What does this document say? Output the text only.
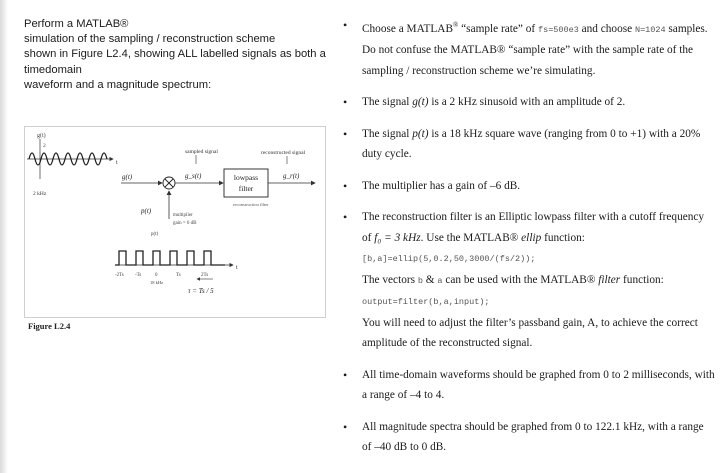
Perform a MATLAB®
simulation of the sampling / reconstruction scheme
shown in Figure L2.4, showing ALL labelled signals as both a
timedomain
waveform and a magnitude spectrum:
g(t)
2
t
2 kHz
g(t)
sampled signal
g_s(t)	lowpass
filter
reconstructed signal
g_r(t)
reconstruction filter
p(t)
multiplier
gain = 6 dB
p(t)
t
-2Ts -Ts	0	Ts	2Ts
18 kHz
τ = Ts / 5
Figure L2.4
• Choose a MATLAB® “sample rate” of fs=500e3 and choose N=1024 samples. Do not confuse the MATLAB® “sample rate” with the sample rate of the sampling / reconstruction scheme we’re simulating.
• The signal g(t) is a 2 kHz sinusoid with an amplitude of 2.
• The signal p(t) is a 18 kHz square wave (ranging from 0 to +1) with a 20% duty cycle.
• The multiplier has a gain of –6 dB.
• The reconstruction filter is an Elliptic lowpass filter with a cutoff frequency of f₀ = 3 kHz. Use the MATLAB® ellip function:
[b,a]=ellip(5,0.2,50,3000/(fs/2));
The vectors b & a can be used with the MATLAB® filter function:
output=filter(b,a,input);
You will need to adjust the filter’s passband gain, A, to achieve the correct amplitude of the reconstructed signal.
• All time-domain waveforms should be graphed from 0 to 2 milliseconds, with a range of –4 to 4.
• All magnitude spectra should be graphed from 0 to 122.1 kHz, with a range of –40 dB to 0 dB.
